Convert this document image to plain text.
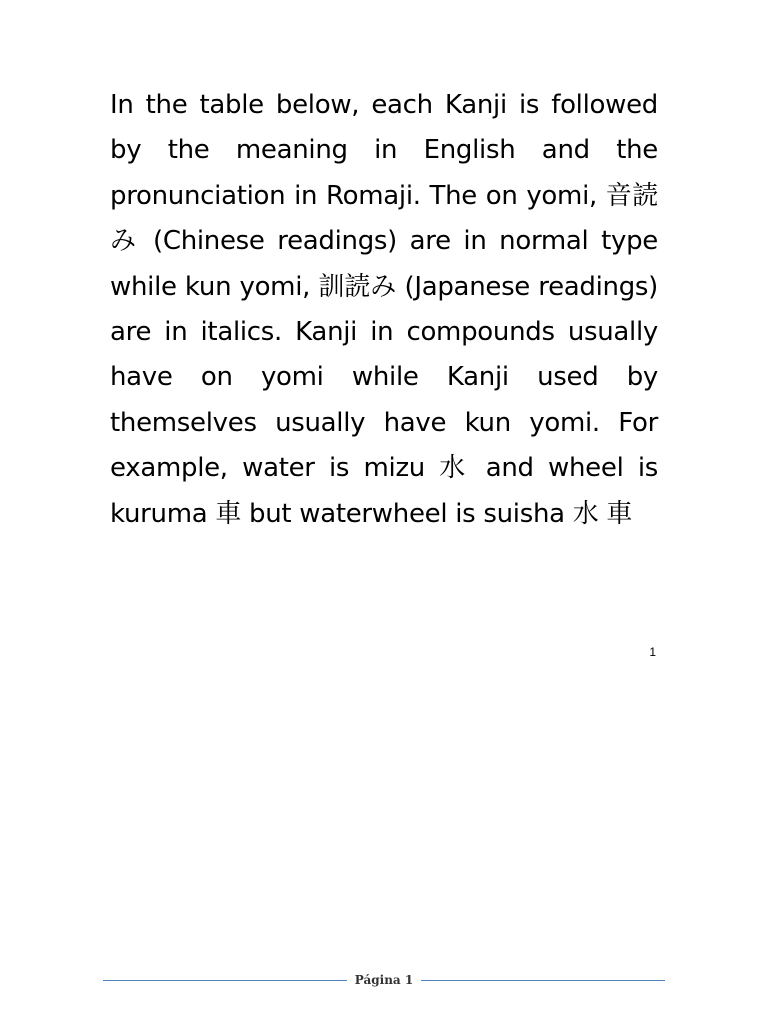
In the table below, each Kanji is followed by the meaning in English and the pronunciation in Romaji. The on yomi, 音読み (Chinese readings) are in normal type while kun yomi, 訓読み (Japanese readings) are in italics. Kanji in compounds usually have on yomi while Kanji used by themselves usually have kun yomi. For example, water is mizu 水 and wheel is kuruma 車 but waterwheel is suisha 水 車

1
Página 1
